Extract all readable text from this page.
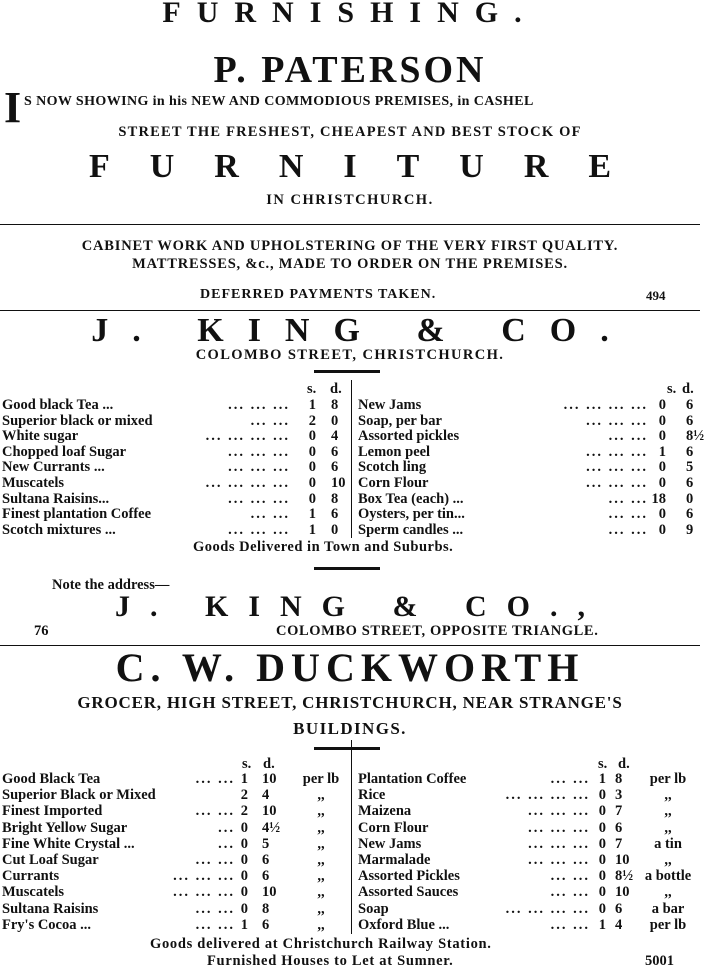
FURNISHING.
P. PATERSON
I S NOW SHOWING in his NEW AND COMMODIOUS PREMISES, in CASHEL
STREET THE FRESHEST, CHEAPEST AND BEST STOCK OF
FURNITURE
IN CHRISTCHURCH.
CABINET WORK AND UPHOLSTERING OF THE VERY FIRST QUALITY.
MATTRESSES, &c., MADE TO ORDER ON THE PREMISES.
DEFERRED PAYMENTS TAKEN.	494
J. KING & CO.
COLOMBO STREET, CHRISTCHURCH.
s. d.	s. d.
Good black Tea ...	... ... ...	1 8
Superior black or mixed	... ...	2 0
White sugar	... ... ... ...	0 4
Chopped loaf Sugar	... ... ...	0 6
New Currants ...	... ... ...	0 6
Muscatels	... ... ... ...	0 10
Sultana Raisins...	... ... ...	0 8
Finest plantation Coffee	... ...	1 6
Scotch mixtures ...	... ... ...	1 0
New Jams	... ... ... ... 0 6
Soap, per bar	... ... ... 0 6
Assorted pickles	... ... 0 8½
Lemon peel	... ... ... 1 6
Scotch ling	... ... ... 0 5
Corn Flour	... ... ... 0 6
Box Tea (each) ...	... ... 18 0
Oysters, per tin...	... ... 0 6
Sperm candles ...	... ... 0 9
Goods Delivered in Town and Suburbs.
Note the address—
J. KING & CO.,
76	COLOMBO STREET, OPPOSITE TRIANGLE.
C. W. DUCKWORTH
GROCER, HIGH STREET, CHRISTCHURCH, NEAR STRANGE'S
BUILDINGS.
s. d.	s. d.
Good Black Tea	... ... 1 10	per lb
Superior Black or Mixed	2 4	,,
Finest Imported	... ... 2 10	,,
Bright Yellow Sugar	... 0 4½	,,
Fine White Crystal ...	... 0 5	,,
Cut Loaf Sugar	... ... 0 6	,,
Currants	... ... ... 0 6	,,
Muscatels	... ... ... 0 10	,,
Sultana Raisins	... ... 0 8	,,
Fry's Cocoa ...	... ... 1 6	,,
Plantation Coffee	... ... 1 8	per lb
Rice	... ... ... ... 0 3	,,
Maizena	... ... ... 0 7	,,
Corn Flour	... ... ... 0 6	,,
New Jams	... ... ... 0 7	a tin
Marmalade	... ... ... 0 10	,,
Assorted Pickles	... ... 0 8½ a bottle
Assorted Sauces	... ... 0 10	,,
Soap	... ... ... ... 0 6	a bar
Oxford Blue ...	... ... 1 4	per lb
Goods delivered at Christchurch Railway Station.
Furnished Houses to Let at Sumner.	5001
